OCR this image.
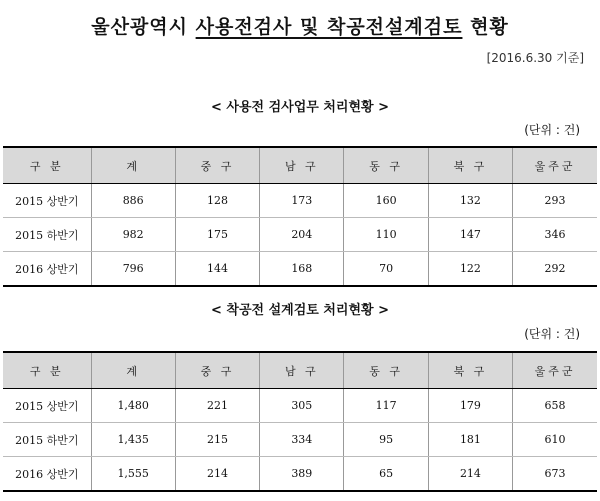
울산광역시 사용전검사 및 착공전설계검토 현황
[2016.6.30 기준]
< 사용전 검사업무 처리현황 >
(단위 : 건)
구 분	계	중 구	남 구	동 구	북 구	울주군
2015 상반기	886	128	173	160	132	293
2015 하반기	982	175	204	110	147	346
2016 상반기	796	144	168	70	122	292
< 착공전 설계검토 처리현황 >
(단위 : 건)
구 분	계	중 구	남 구	동 구	북 구	울주군
2015 상반기	1,480	221	305	117	179	658
2015 하반기	1,435	215	334	95	181	610
2016 상반기	1,555	214	389	65	214	673
